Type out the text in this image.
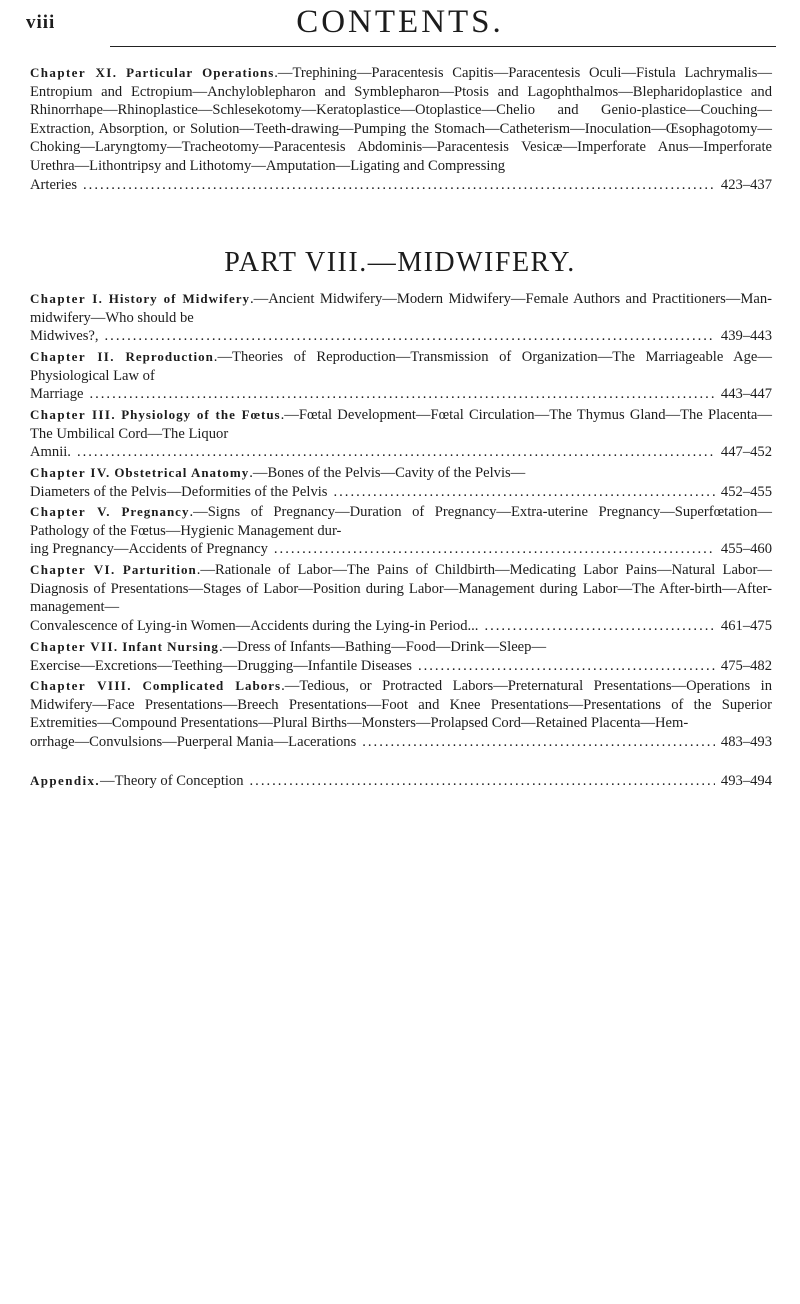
viii	CONTENTS.
Chapter XI. Particular Operations.—Trephining—Paracentesis Capitis—Paracentesis Oculi—Fistula Lachrymalis—Entropium and Ectropium—Anchyloblepharon and Symblepharon—Ptosis and Lagophthalmos—Blepharidoplastice and Rhinorrhape—Rhinoplastice—Schlesekotomy—Keratoplastice—Otoplastice—Chelio and Genio-plastice—Couching—Extraction, Absorption, or Solution—Teeth-drawing—Pumping the Stomach—Catheterism—Inoculation—Œsophagotomy—Choking—Laryngtomy—Tracheotomy—Paracentesis Abdominis—Paracentesis Vesicæ—Imperforate Anus—Imperforate Urethra—Lithontripsy and Lithotomy—Amputation—Ligating and Compressing
Arteries .....	423–437
PART VIII.—MIDWIFERY.
Chapter I. History of Midwifery.—Ancient Midwifery—Modern Midwifery—Female Authors and Practitioners—Man-midwifery—Who should be
Midwives?, .....	439–443
Chapter II. Reproduction.—Theories of Reproduction—Transmission of Organization—The Marriageable Age—Physiological Law of
Marriage .....	443–447
Chapter III. Physiology of the Fœtus.—Fœtal Development—Fœtal Circulation—The Thymus Gland—The Placenta—The Umbilical Cord—The Liquor
Amnii. .....	447–452
Chapter IV. Obstetrical Anatomy.—Bones of the Pelvis—Cavity of the Pelvis—
Diameters of the Pelvis—Deformities of the Pelvis .....	452–455
Chapter V. Pregnancy.—Signs of Pregnancy—Duration of Pregnancy—Extra-uterine Pregnancy—Superfœtation—Pathology of the Fœtus—Hygienic Management dur-
ing Pregnancy—Accidents of Pregnancy .....	455–460
Chapter VI. Parturition.—Rationale of Labor—The Pains of Childbirth—Medicating Labor Pains—Natural Labor—Diagnosis of Presentations—Stages of Labor—Position during Labor—Management during Labor—The After-birth—After-management—
Convalescence of Lying-in Women—Accidents during the Lying-in Period... .....	461–475
Chapter VII. Infant Nursing.—Dress of Infants—Bathing—Food—Drink—Sleep—
Exercise—Excretions—Teething—Drugging—Infantile Diseases .....	475–482
Chapter VIII. Complicated Labors.—Tedious, or Protracted Labors—Preternatural Presentations—Operations in Midwifery—Face Presentations—Breech Presentations—Foot and Knee Presentations—Presentations of the Superior Extremities—Compound Presentations—Plural Births—Monsters—Prolapsed Cord—Retained Placenta—Hem-
orrhage—Convulsions—Puerperal Mania—Lacerations .....	483–493
Appendix.—Theory of Conception .....	493–494
